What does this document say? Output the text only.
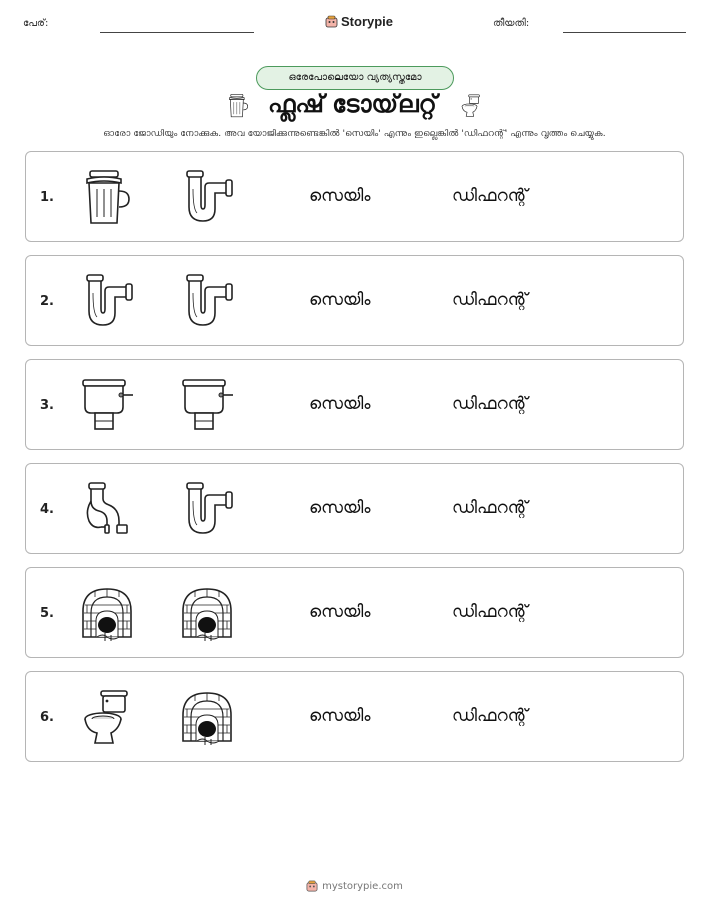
പേര്:	Storypie	തീയതി:
ഒരേപോലെയോ വ്യത്യസ്തമോ
ഫ്ലഷ് ടോയ്‌ലറ്റ്
ഓരോ ജോഡിയും നോക്കുക. അവ യോജിക്കുന്നുണ്ടെങ്കിൽ 'സെയിം' എന്നും ഇല്ലെങ്കിൽ 'ഡിഫറന്റ്' എന്നും വൃത്തം ചെയ്യുക.
1.	സെയിം	ഡിഫറന്റ്
2.	സെയിം	ഡിഫറന്റ്
3.	സെയിം	ഡിഫറന്റ്
4.	സെയിം	ഡിഫറന്റ്
5.	സെയിം	ഡിഫറന്റ്
6.	സെയിം	ഡിഫറന്റ്
mystorypie.com
